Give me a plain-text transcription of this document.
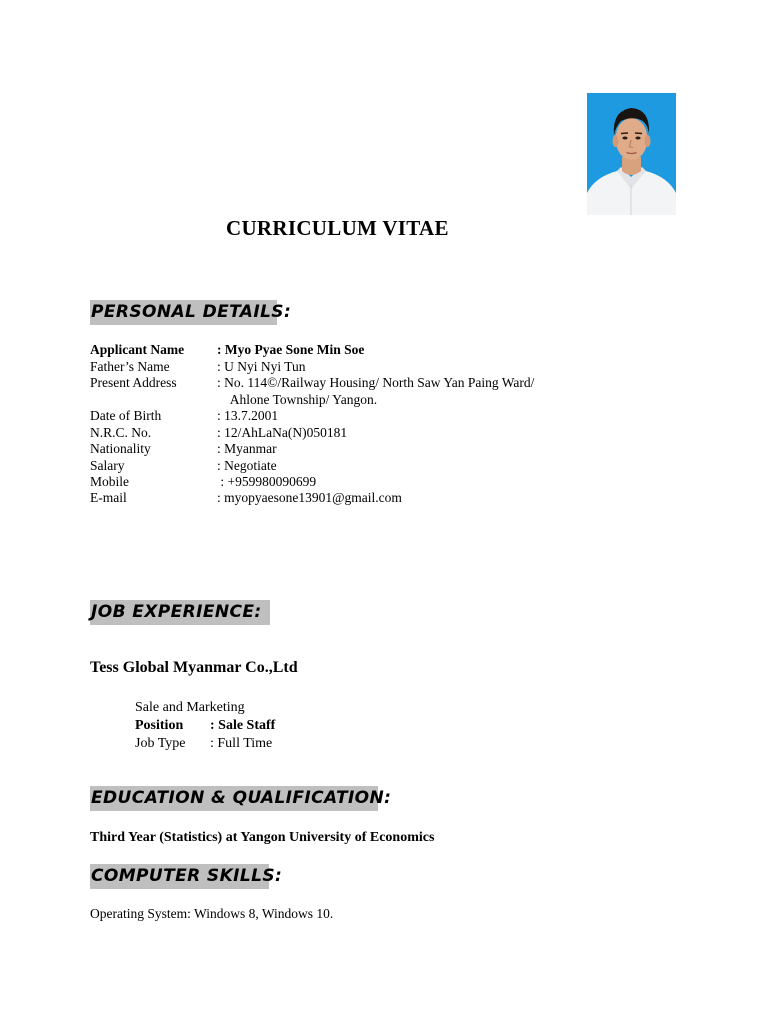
CURRICULUM VITAE
PERSONAL DETAILS:
Applicant Name : Myo Pyae Sone Min Soe
Father’s Name	: U Nyi Nyi Tun
Present Address	: No. 114©/Railway Housing/ North Saw Yan Paing Ward/
Ahlone Township/ Yangon.
Date of Birth	: 13.7.2001
N.R.C. No.	: 12/AhLaNa(N)050181
Nationality	: Myanmar
Salary	: Negotiate
Mobile	: +959980090699
E-mail	: myopyaesone13901@gmail.com
JOB EXPERIENCE:
Tess Global Myanmar Co.,Ltd
Sale and Marketing
Position : Sale Staff
Job Type : Full Time
EDUCATION & QUALIFICATION:
Third Year (Statistics) at Yangon University of Economics
COMPUTER SKILLS:
Operating System: Windows 8, Windows 10.
